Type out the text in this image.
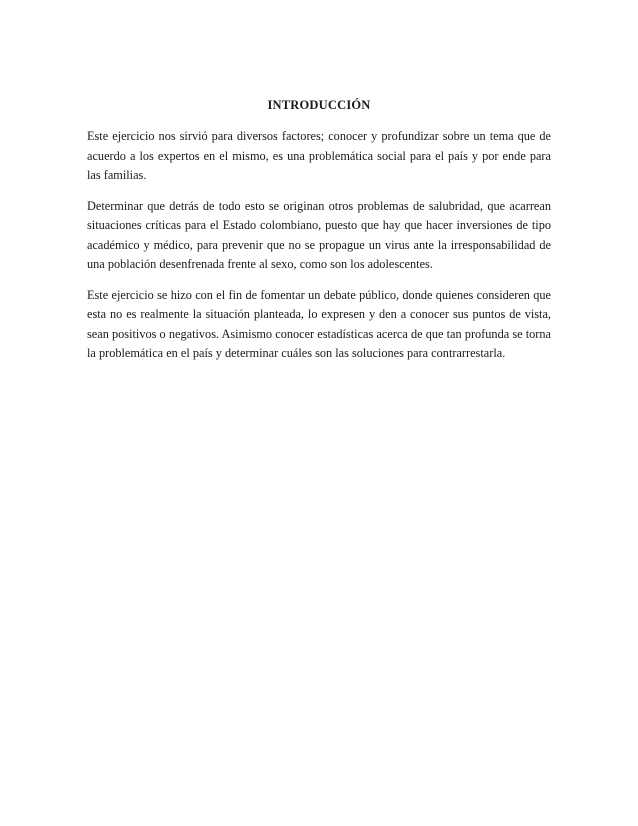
INTRODUCCIÓN

Este ejercicio nos sirvió para diversos factores; conocer y profundizar sobre un tema que de acuerdo a los expertos en el mismo, es una problemática social para el país y por ende para las familias.

Determinar que detrás de todo esto se originan otros problemas de salubridad, que acarrean situaciones críticas para el Estado colombiano, puesto que hay que hacer inversiones de tipo académico y médico, para prevenir que no se propague un virus ante la irresponsabilidad de una población desenfrenada frente al sexo, como son los adolescentes.

Este ejercicio se hizo con el fin de fomentar un debate público, donde quienes consideren que esta no es realmente la situación planteada, lo expresen y den a conocer sus puntos de vista, sean positivos o negativos. Asimismo conocer estadísticas acerca de que tan profunda se torna la problemática en el país y determinar cuáles son las soluciones para contrarrestarla.
